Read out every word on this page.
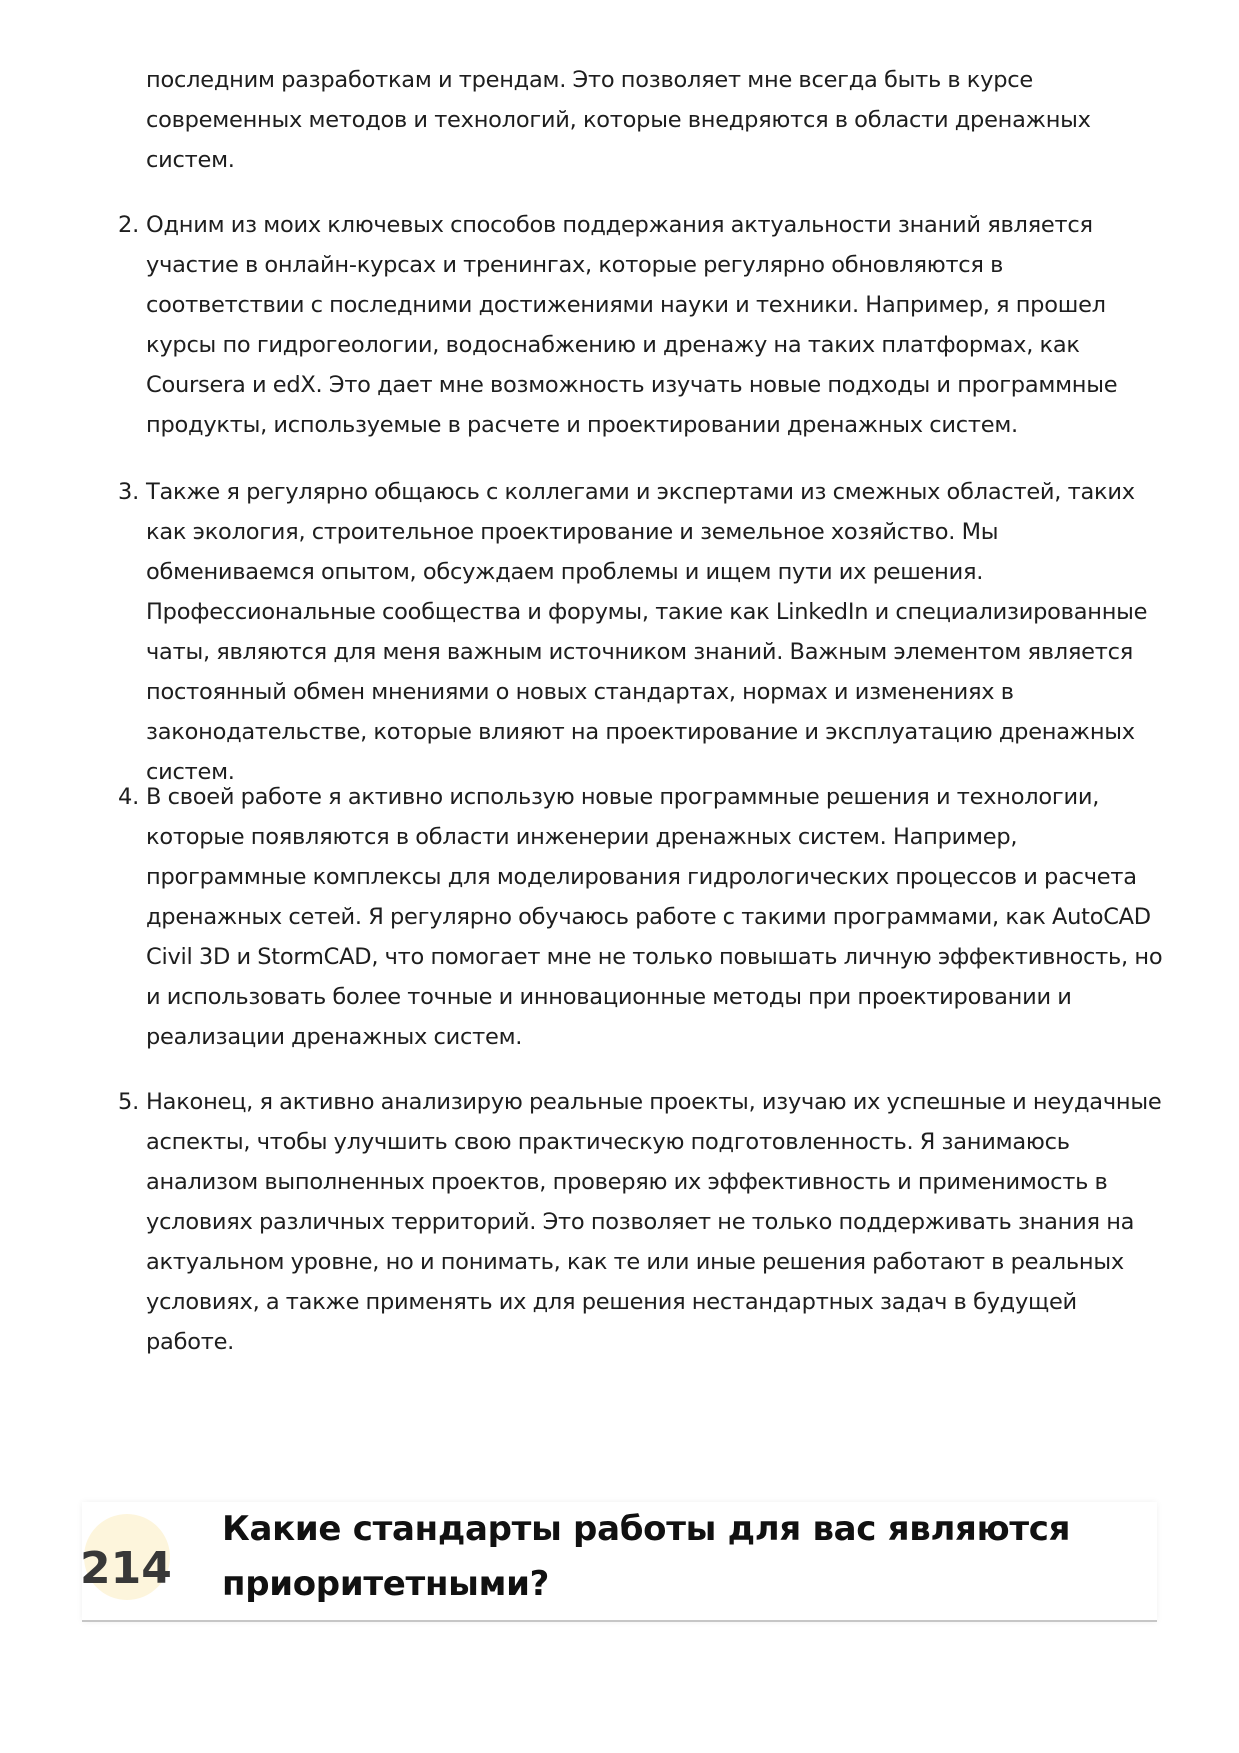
последним разработкам и трендам. Это позволяет мне всегда быть в курсе современных методов и технологий, которые внедряются в области дренажных систем.
2. Одним из моих ключевых способов поддержания актуальности знаний является участие в онлайн-курсах и тренингах, которые регулярно обновляются в соответствии с последними достижениями науки и техники. Например, я прошел курсы по гидрогеологии, водоснабжению и дренажу на таких платформах, как Coursera и edX. Это дает мне возможность изучать новые подходы и программные продукты, используемые в расчете и проектировании дренажных систем.
3. Также я регулярно общаюсь с коллегами и экспертами из смежных областей, таких как экология, строительное проектирование и земельное хозяйство. Мы обмениваемся опытом, обсуждаем проблемы и ищем пути их решения. Профессиональные сообщества и форумы, такие как LinkedIn и специализированные чаты, являются для меня важным источником знаний. Важным элементом является постоянный обмен мнениями о новых стандартах, нормах и изменениях в законодательстве, которые влияют на проектирование и эксплуатацию дренажных систем.
4. В своей работе я активно использую новые программные решения и технологии, которые появляются в области инженерии дренажных систем. Например, программные комплексы для моделирования гидрологических процессов и расчета дренажных сетей. Я регулярно обучаюсь работе с такими программами, как AutoCAD Civil 3D и StormCAD, что помогает мне не только повышать личную эффективность, но и использовать более точные и инновационные методы при проектировании и реализации дренажных систем.
5. Наконец, я активно анализирую реальные проекты, изучаю их успешные и неудачные аспекты, чтобы улучшить свою практическую подготовленность. Я занимаюсь анализом выполненных проектов, проверяю их эффективность и применимость в условиях различных территорий. Это позволяет не только поддерживать знания на актуальном уровне, но и понимать, как те или иные решения работают в реальных условиях, а также применять их для решения нестандартных задач в будущей работе.
214
Какие стандарты работы для вас являются приоритетными?
